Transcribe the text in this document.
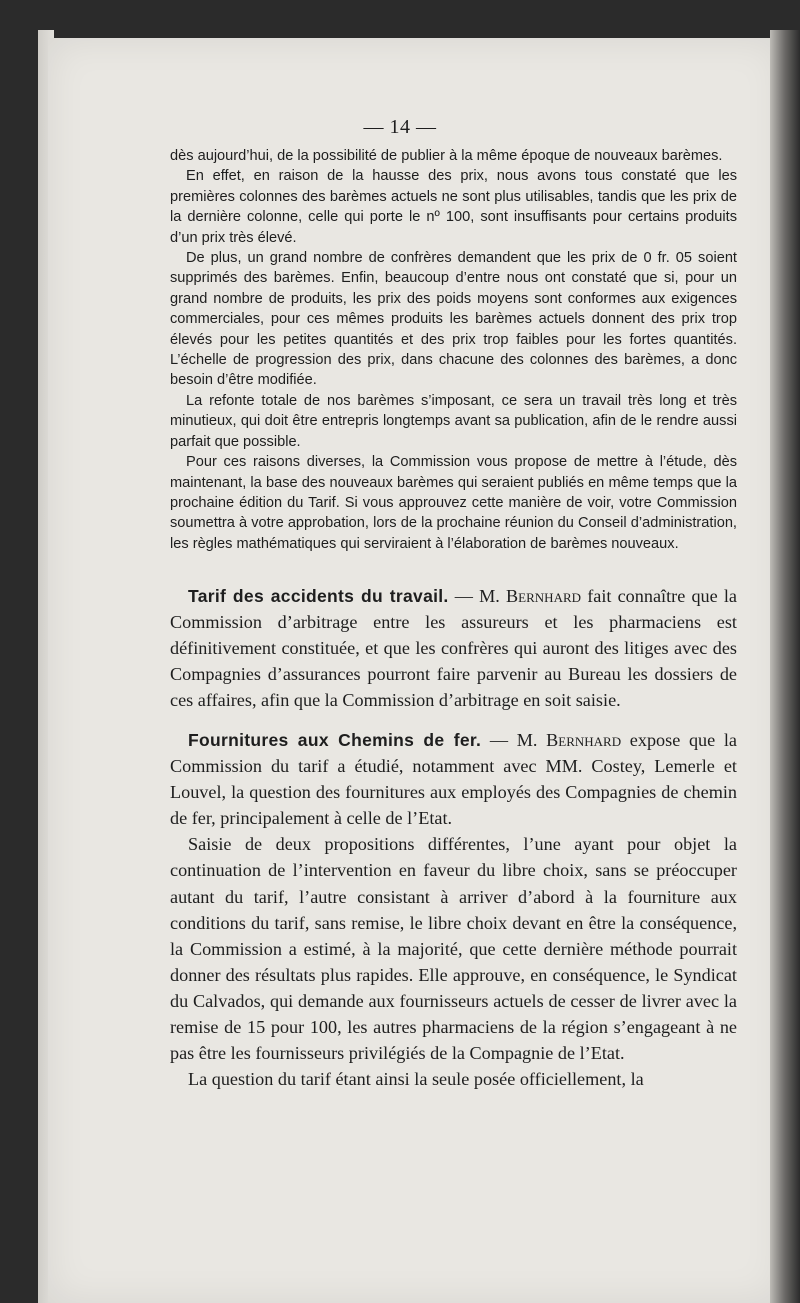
— 14 —

dès aujourd’hui, de la possibilité de publier à la même époque de nouveaux barèmes.

En effet, en raison de la hausse des prix, nous avons tous constaté que les premières colonnes des barèmes actuels ne sont plus utilisables, tandis que les prix de la dernière colonne, celle qui porte le nº 100, sont insuffisants pour certains produits d’un prix très élevé.

De plus, un grand nombre de confrères demandent que les prix de 0 fr. 05 soient supprimés des barèmes. Enfin, beaucoup d’entre nous ont constaté que si, pour un grand nombre de produits, les prix des poids moyens sont conformes aux exigences commerciales, pour ces mêmes produits les barèmes actuels donnent des prix trop élevés pour les petites quantités et des prix trop faibles pour les fortes quantités. L’échelle de progression des prix, dans chacune des colonnes des barèmes, a donc besoin d’être modifiée.

La refonte totale de nos barèmes s’imposant, ce sera un travail très long et très minutieux, qui doit être entrepris longtemps avant sa publication, afin de le rendre aussi parfait que possible.

Pour ces raisons diverses, la Commission vous propose de mettre à l’étude, dès maintenant, la base des nouveaux barèmes qui seraient publiés en même temps que la prochaine édition du Tarif. Si vous approuvez cette manière de voir, votre Commission soumettra à votre approbation, lors de la prochaine réunion du Conseil d’administration, les règles mathématiques qui serviraient à l’élaboration de barèmes nouveaux.

Tarif des accidents du travail. — M. Bernhard fait connaître que la Commission d’arbitrage entre les assureurs et les pharmaciens est définitivement constituée, et que les confrères qui auront des litiges avec des Compagnies d’assurances pourront faire parvenir au Bureau les dossiers de ces affaires, afin que la Commission d’arbitrage en soit saisie.

Fournitures aux Chemins de fer. — M. Bernhard expose que la Commission du tarif a étudié, notamment avec MM. Costey, Lemerle et Louvel, la question des fournitures aux employés des Compagnies de chemin de fer, principalement à celle de l’Etat.

Saisie de deux propositions différentes, l’une ayant pour objet la continuation de l’intervention en faveur du libre choix, sans se préoccuper autant du tarif, l’autre consistant à arriver d’abord à la fourniture aux conditions du tarif, sans remise, le libre choix devant en être la conséquence, la Commission a estimé, à la majorité, que cette dernière méthode pourrait donner des résultats plus rapides. Elle approuve, en conséquence, le Syndicat du Calvados, qui demande aux fournisseurs actuels de cesser de livrer avec la remise de 15 pour 100, les autres pharmaciens de la région s’engageant à ne pas être les fournisseurs privilégiés de la Compagnie de l’Etat.

La question du tarif étant ainsi la seule posée officiellement, la
